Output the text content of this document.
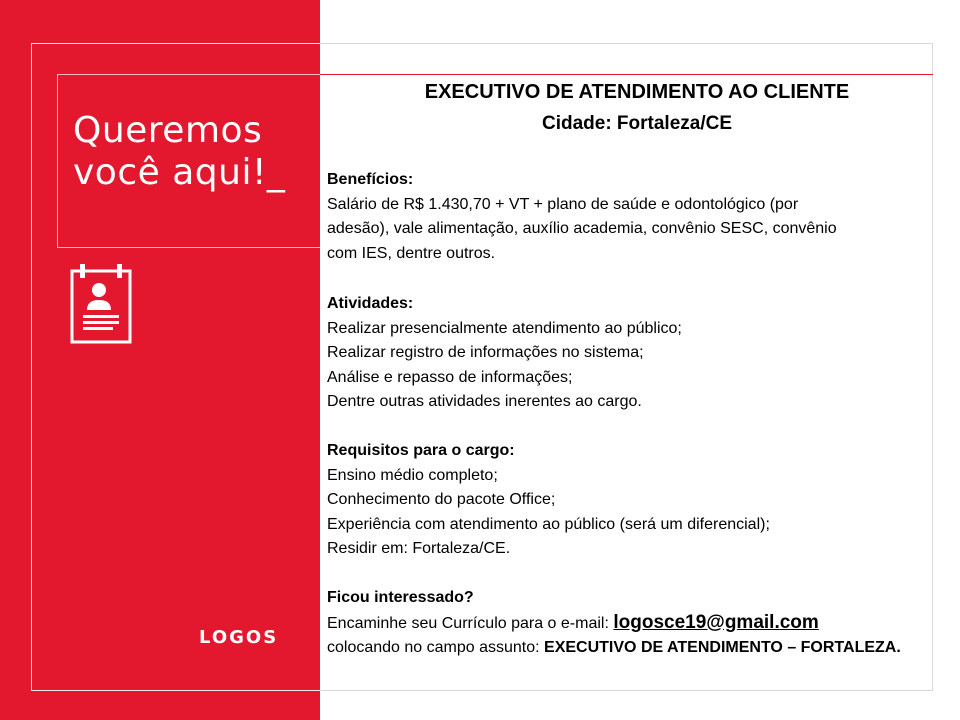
Queremos
você aqui!_
LOGOS
EXECUTIVO DE ATENDIMENTO AO CLIENTE
Cidade: Fortaleza/CE
Benefícios:
Salário de R$ 1.430,70 + VT + plano de saúde e odontológico (por
adesão), vale alimentação, auxílio academia, convênio SESC, convênio
com IES, dentre outros.
Atividades:
Realizar presencialmente atendimento ao público;
Realizar registro de informações no sistema;
Análise e repasso de informações;
Dentre outras atividades inerentes ao cargo.
Requisitos para o cargo:
Ensino médio completo;
Conhecimento do pacote Office;
Experiência com atendimento ao público (será um diferencial);
Residir em: Fortaleza/CE.
Ficou interessado?
Encaminhe seu Currículo para o e-mail: logosce19@gmail.com
colocando no campo assunto: EXECUTIVO DE ATENDIMENTO – FORTALEZA.
